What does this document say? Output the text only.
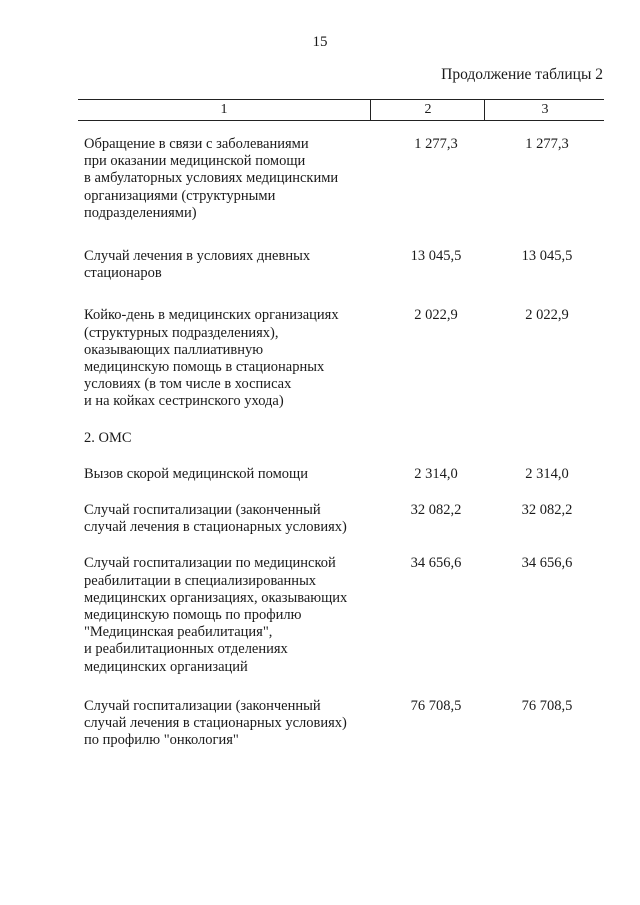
15
Продолжение таблицы 2
1	2	3
Обращение в связи с заболеваниями
при оказании медицинской помощи
в амбулаторных условиях медицинскими
организациями (структурными
подразделениями)
1 277,3	1 277,3
Случай лечения в условиях дневных
стационаров
13 045,5	13 045,5
Койко-день в медицинских организациях
(структурных подразделениях),
оказывающих паллиативную
медицинскую помощь в стационарных
условиях (в том числе в хосписах
и на койках сестринского ухода)
2 022,9	2 022,9
2. ОМС
Вызов скорой медицинской помощи	2 314,0	2 314,0
Случай госпитализации (законченный
случай лечения в стационарных условиях)
32 082,2	32 082,2
Случай госпитализации по медицинской
реабилитации в специализированных
медицинских организациях, оказывающих
медицинскую помощь по профилю
"Медицинская реабилитация",
и реабилитационных отделениях
медицинских организаций
34 656,6	34 656,6
Случай госпитализации (законченный
случай лечения в стационарных условиях)
по профилю "онкология"
76 708,5	76 708,5
